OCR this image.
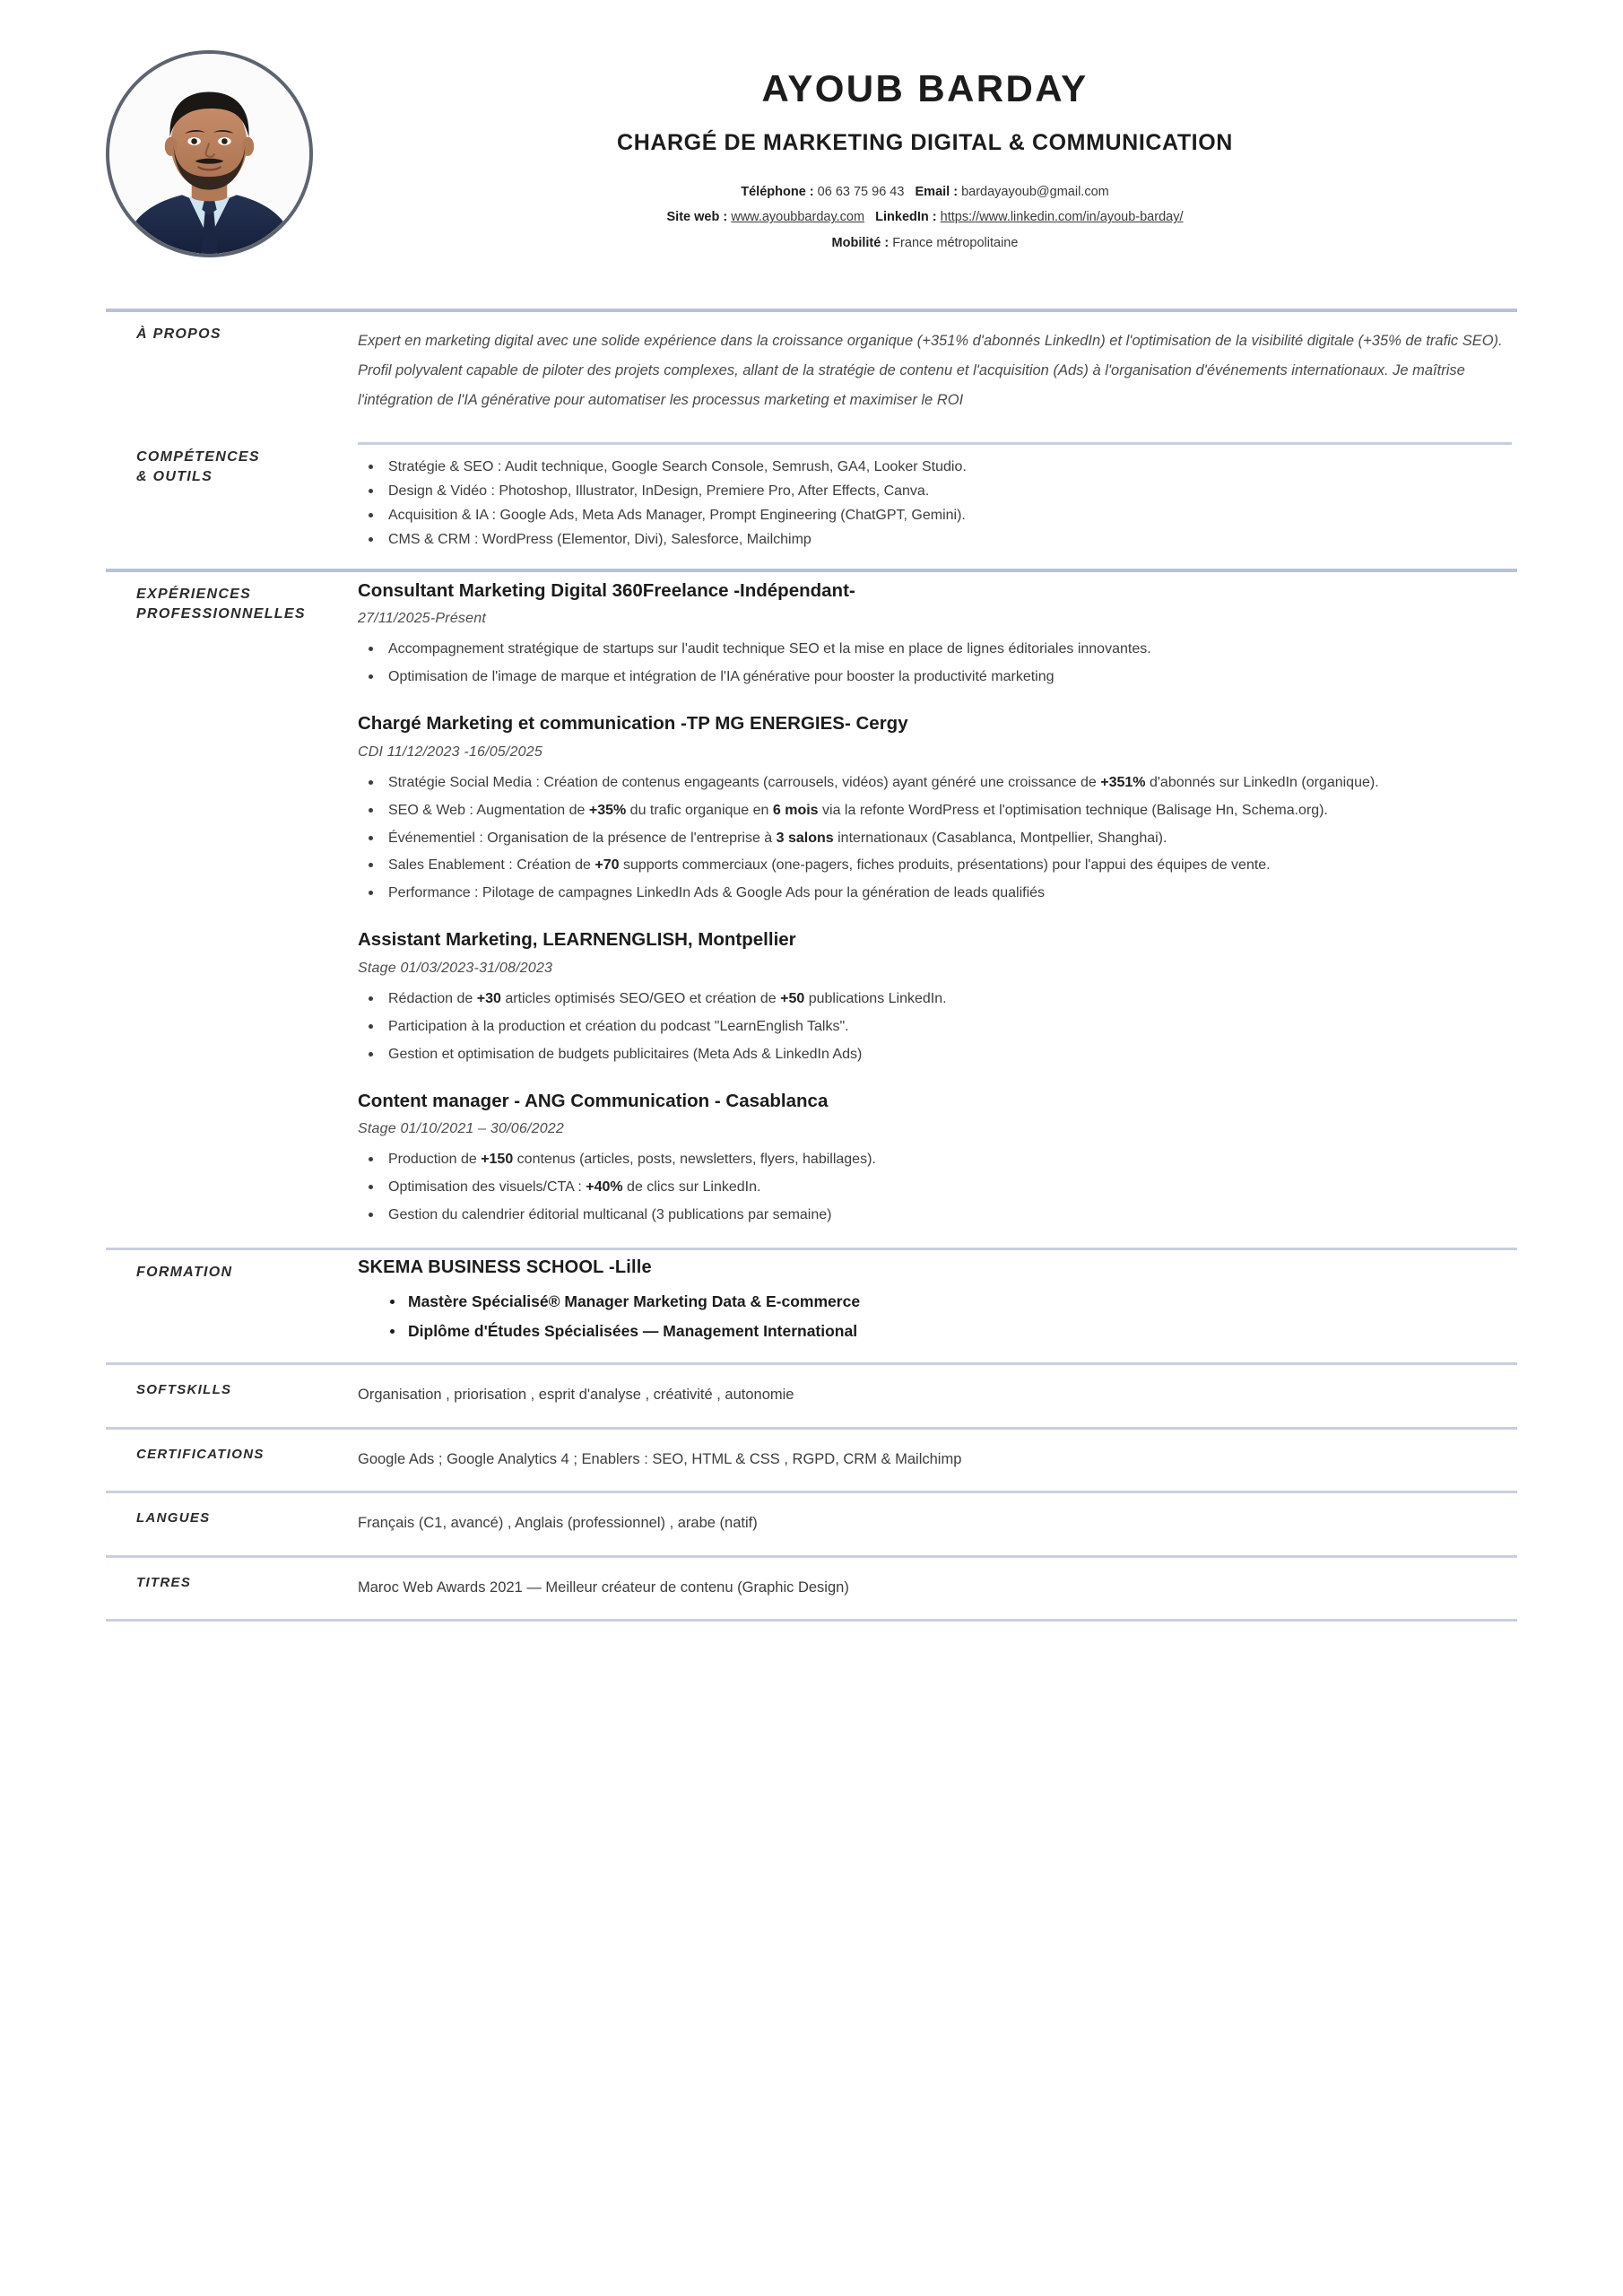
AYOUB BARDAY
CHARGÉ DE MARKETING DIGITAL & COMMUNICATION
Téléphone : 06 63 75 96 43 Email : bardayayoub@gmail.com
Site web : www.ayoubbarday.com LinkedIn : https://www.linkedin.com/in/ayoub-barday/
Mobilité : France métropolitaine
À PROPOS	Expert en marketing digital avec une solide expérience dans la croissance organique (+351% d'abonnés LinkedIn) et l'optimisation de la visibilité digitale (+35% de trafic SEO). Profil polyvalent capable de piloter des projets complexes, allant de la stratégie de contenu et l'acquisition (Ads) à l'organisation d'événements internationaux. Je maîtrise l'intégration de l'IA générative pour automatiser les processus marketing et maximiser le ROI
COMPÉTENCES
& OUTILS
Stratégie & SEO : Audit technique, Google Search Console, Semrush, GA4, Looker Studio.
Design & Vidéo : Photoshop, Illustrator, InDesign, Premiere Pro, After Effects, Canva.
Acquisition & IA : Google Ads, Meta Ads Manager, Prompt Engineering (ChatGPT, Gemini).
CMS & CRM : WordPress (Elementor, Divi), Salesforce, Mailchimp
EXPÉRIENCES
PROFESSIONNELLES
Consultant Marketing Digital 360Freelance -Indépendant-
27/11/2025-Présent
Accompagnement stratégique de startups sur l'audit technique SEO et la mise en place de lignes éditoriales innovantes.
Optimisation de l'image de marque et intégration de l'IA générative pour booster la productivité marketing
Chargé Marketing et communication -TP MG ENERGIES- Cergy
CDI 11/12/2023 -16/05/2025
Stratégie Social Media : Création de contenus engageants (carrousels, vidéos) ayant généré une croissance de +351% d'abonnés sur LinkedIn (organique).
SEO & Web : Augmentation de +35% du trafic organique en 6 mois via la refonte WordPress et l'optimisation technique (Balisage Hn, Schema.org).
Événementiel : Organisation de la présence de l'entreprise à 3 salons internationaux (Casablanca, Montpellier, Shanghai).
Sales Enablement : Création de +70 supports commerciaux (one-pagers, fiches produits, présentations) pour l'appui des équipes de vente.
Performance : Pilotage de campagnes LinkedIn Ads & Google Ads pour la génération de leads qualifiés
Assistant Marketing, LEARNENGLISH, Montpellier
Stage 01/03/2023-31/08/2023
Rédaction de +30 articles optimisés SEO/GEO et création de +50 publications LinkedIn.
Participation à la production et création du podcast "LearnEnglish Talks".
Gestion et optimisation de budgets publicitaires (Meta Ads & LinkedIn Ads)
Content manager - ANG Communication - Casablanca
Stage 01/10/2021 – 30/06/2022
Production de +150 contenus (articles, posts, newsletters, flyers, habillages).
Optimisation des visuels/CTA : +40% de clics sur LinkedIn.
Gestion du calendrier éditorial multicanal (3 publications par semaine)
FORMATION	SKEMA BUSINESS SCHOOL -Lille
Mastère Spécialisé® Manager Marketing Data & E-commerce
Diplôme d'Études Spécialisées — Management International
SOFTSKILLS	Organisation , priorisation , esprit d'analyse , créativité , autonomie
CERTIFICATIONS	Google Ads ; Google Analytics 4 ; Enablers : SEO, HTML & CSS , RGPD, CRM & Mailchimp
LANGUES	Français (C1, avancé) , Anglais (professionnel) , arabe (natif)
TITRES	Maroc Web Awards 2021 — Meilleur créateur de contenu (Graphic Design)
